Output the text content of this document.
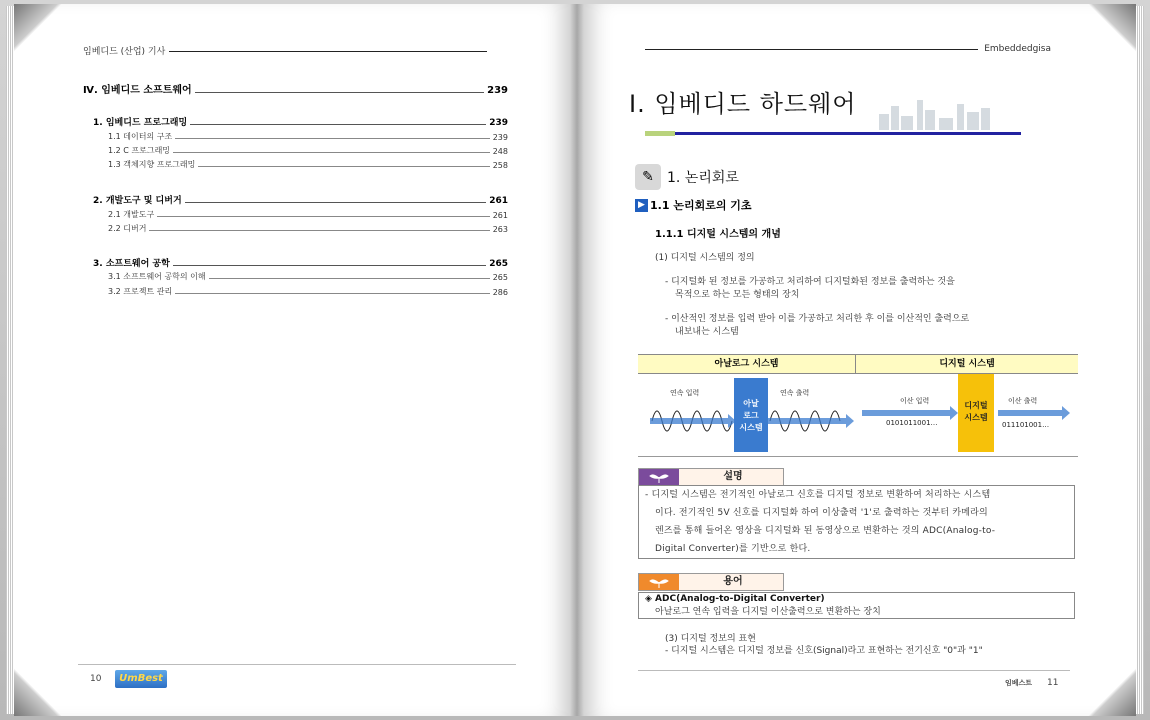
임베디드 (산업) 기사
Ⅳ. 임베디드 소프트웨어	239
1. 임베디드 프로그래밍	239
1.1 데이터의 구조	239
1.2 C 프로그래밍	248
1.3 객체지향 프로그래밍	258
2. 개발도구 및 디버거	261
2.1 개발도구	261
2.2 디버거	263
3. 소프트웨어 공학	265
3.1 소프트웨어 공학의 이해	265
3.2 프로젝트 관리	286
10	UmBest
Embeddedgisa
Ⅰ. 임베디드 하드웨어
✎ 1. 논리회로
▶ 1.1 논리회로의 기초
1.1.1 디지털 시스템의 개념
(1) 디지털 시스템의 정의
- 디지털화 된 정보를 가공하고 처리하여 디지털화된 정보를 출력하는 것을
목적으로 하는 모든 형태의 장치
- 이산적인 정보를 입력 받아 이를 가공하고 처리한 후 이를 이산적인 출력으로
내보내는 시스템
아날로그 시스템	디지털 시스템
연속 입력	연속 출력
아날
로그
시스템
이산 입력
0101011001…
이산 출력
011101001…
디지털
시스템
설명
- 디지털 시스템은 전기적인 아날로그 신호를 디지털 정보로 변환하여 처리하는 시스템
이다. 전기적인 5V 신호를 디지털화 하여 이상출력 '1'로 출력하는 것부터 카메라의
렌즈를 통해 들어온 영상을 디지털화 된 동영상으로 변환하는 것의 ADC(Analog-to-
Digital Converter)를 기반으로 한다.
용어
◈ ADC(Analog-to-Digital Converter)
아날로그 연속 입력을 디지털 이산출력으로 변환하는 장치
(3) 디지털 정보의 표현
- 디지털 시스템은 디지털 정보를 신호(Signal)라고 표현하는 전기신호 "0"과 "1"
임베스트 11
